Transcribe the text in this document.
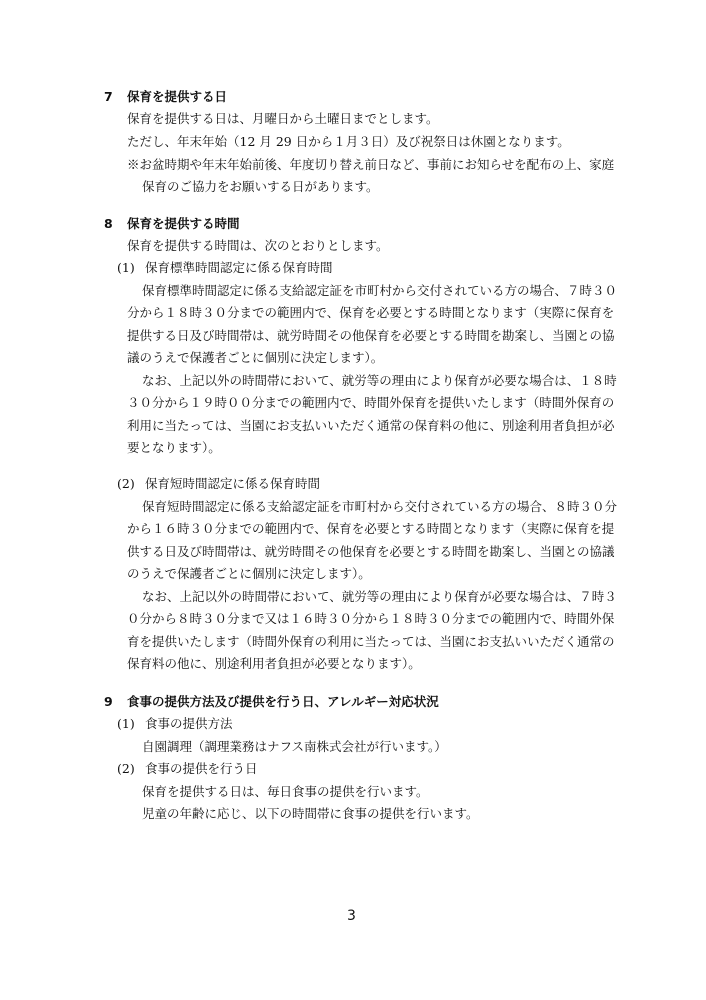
7 保育を提供する日
保育を提供する日は、月曜日から土曜日までとします。
ただし、年末年始（12 月 29 日から１月３日）及び祝祭日は休園となります。
※お盆時期や年末年始前後、年度切り替え前日など、事前にお知らせを配布の上、家庭
保育のご協力をお願いする日があります。
8 保育を提供する時間
保育を提供する時間は、次のとおりとします。
(1) 保育標準時間認定に係る保育時間
保育標準時間認定に係る支給認定証を市町村から交付されている方の場合、７時３０
分から１８時３０分までの範囲内で、保育を必要とする時間となります（実際に保育を
提供する日及び時間帯は、就労時間その他保育を必要とする時間を勘案し、当園との協
議のうえで保護者ごとに個別に決定します）。
なお、上記以外の時間帯において、就労等の理由により保育が必要な場合は、１８時
３０分から１９時００分までの範囲内で、時間外保育を提供いたします（時間外保育の
利用に当たっては、当園にお支払いいただく通常の保育料の他に、別途利用者負担が必
要となります）。
(2) 保育短時間認定に係る保育時間
保育短時間認定に係る支給認定証を市町村から交付されている方の場合、８時３０分
から１６時３０分までの範囲内で、保育を必要とする時間となります（実際に保育を提
供する日及び時間帯は、就労時間その他保育を必要とする時間を勘案し、当園との協議
のうえで保護者ごとに個別に決定します）。
なお、上記以外の時間帯において、就労等の理由により保育が必要な場合は、７時３
０分から８時３０分まで又は１６時３０分から１８時３０分までの範囲内で、時間外保
育を提供いたします（時間外保育の利用に当たっては、当園にお支払いいただく通常の
保育料の他に、別途利用者負担が必要となります）。
9 食事の提供方法及び提供を行う日、アレルギー対応状況
(1) 食事の提供方法
自園調理（調理業務はナフス南株式会社が行います。）
(2) 食事の提供を行う日
保育を提供する日は、毎日食事の提供を行います。
児童の年齢に応じ、以下の時間帯に食事の提供を行います。
3
